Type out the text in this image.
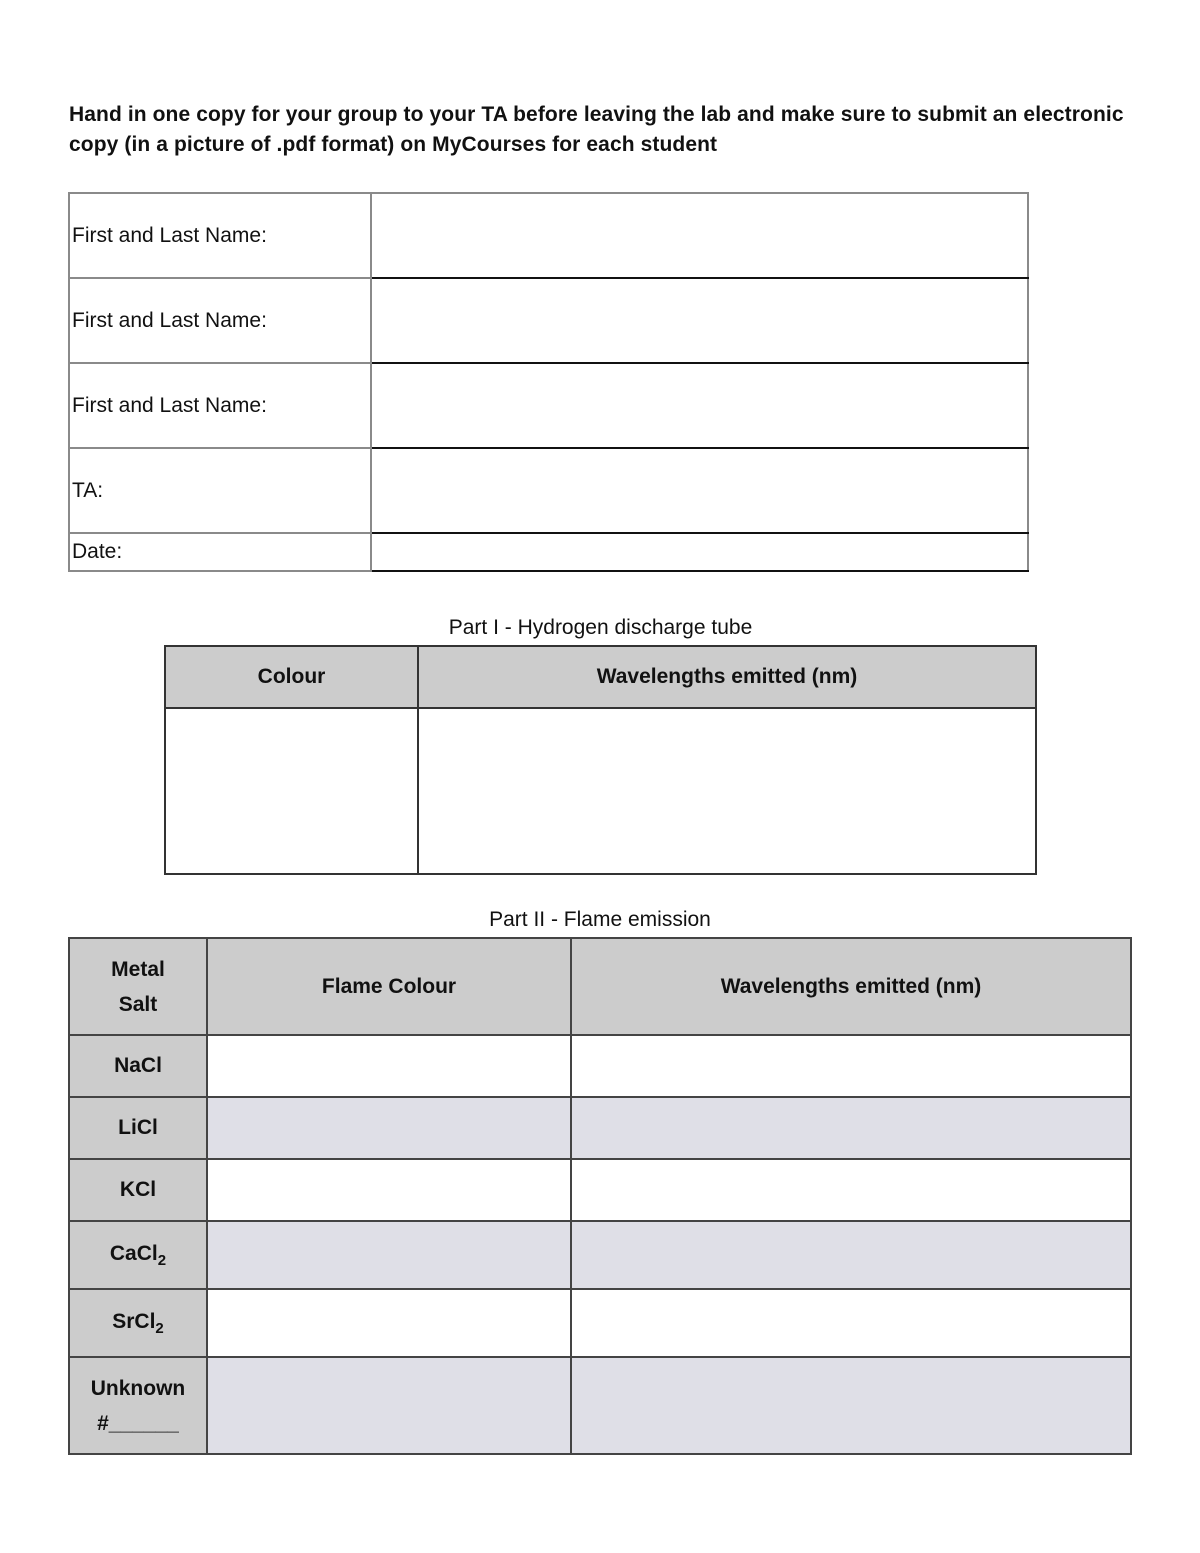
Hand in one copy for your group to your TA before leaving the lab and make sure to submit an electronic copy (in a picture of .pdf format) on MyCourses for each student
First and Last Name:	
First and Last Name:	
First and Last Name:	
TA:	
Date:	
Part I - Hydrogen discharge tube
Colour	Wavelengths emitted (nm)

Part II - Flame emission
Metal
Salt	Flame Colour	Wavelengths emitted (nm)
NaCl		
LiCl		
KCl		
CaCl$_2$		
SrCl$_2$		
Unknown
#______		
